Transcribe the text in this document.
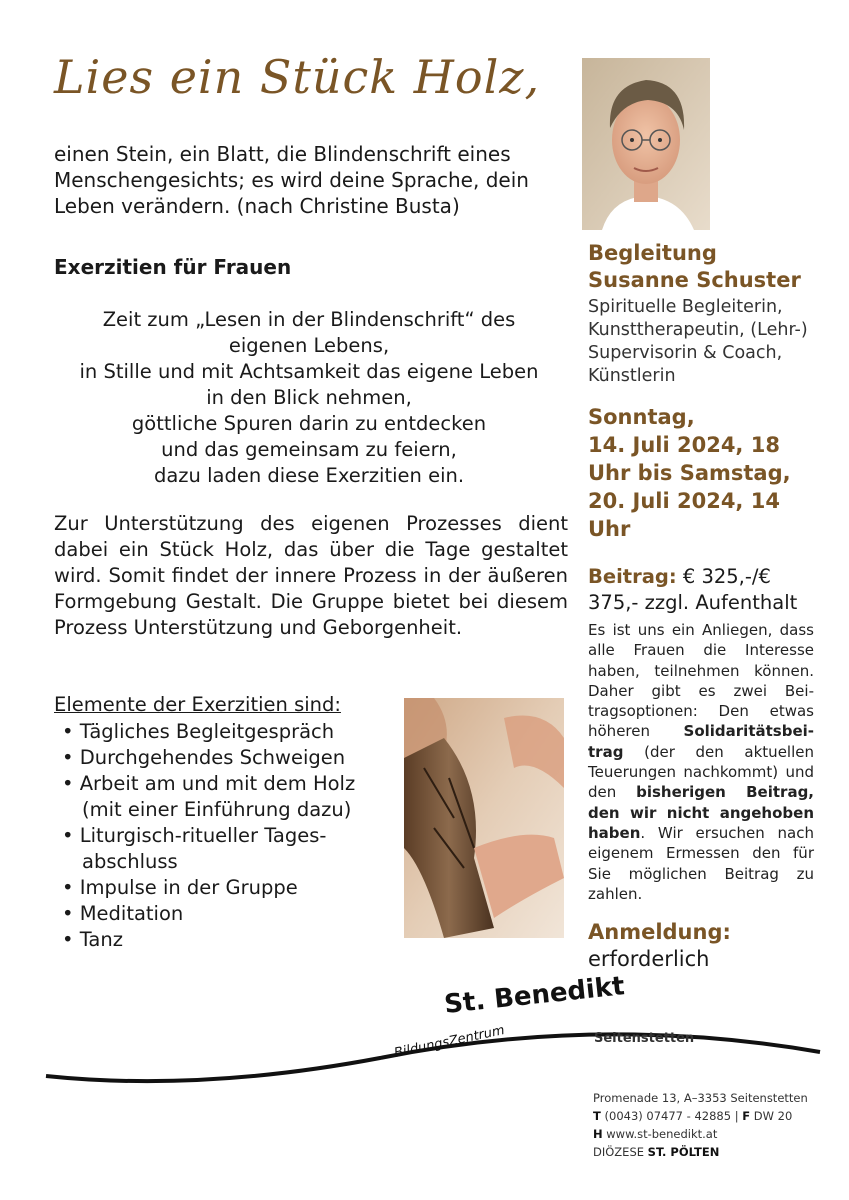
Lies ein Stück Holz,
einen Stein, ein Blatt, die Blindenschrift eines Menschengesichts; es wird deine Sprache, dein Leben verändern. (nach Christine Busta)
Begleitung
Susanne Schuster
Spirituelle Begleiterin, Kunsttherapeutin, (Lehr-) Supervisorin & Coach, Künstlerin
Sonntag,
14. Juli 2024, 18
Uhr bis Samstag,
20. Juli 2024, 14
Uhr
Beitrag: € 325,-/€ 375,- zzgl. Aufenthalt
Es ist uns ein Anliegen, dass alle Frauen die Interesse haben, teilnehmen können. Daher gibt es zwei Beitragsoptionen: Den etwas höheren Solidaritätsbeitrag (der den aktuellen Teuerungen nachkommt) und den bisherigen Beitrag, den wir nicht angehoben haben. Wir ersuchen nach eigenem Ermessen den für Sie möglichen Beitrag zu zahlen.
Anmeldung:
erforderlich
Exerzitien für Frauen
Zeit zum „Lesen in der Blindenschrift“ des
eigenen Lebens,
in Stille und mit Achtsamkeit das eigene Leben
in den Blick nehmen,
göttliche Spuren darin zu entdecken
und das gemeinsam zu feiern,
dazu laden diese Exerzitien ein.
Zur Unterstützung des eigenen Prozesses dient dabei ein Stück Holz, das über die Tage gestaltet wird. Somit findet der innere Prozess in der äußeren Formgebung Gestalt. Die Gruppe bietet bei diesem Prozess Unterstützung und Geborgenheit.
Elemente der Exerzitien sind:
• Tägliches Begleitgespräch
• Durchgehendes Schweigen
• Arbeit am und mit dem Holz
(mit einer Einführung dazu)
• Liturgisch-ritueller Tages-
abschluss
• Impulse in der Gruppe
• Meditation
• Tanz
St. Benedikt
BildungsZentrum	Seitenstetten
Promenade 13, A–3353 Seitenstetten
T (0043) 07477 - 42885 | F DW 20
H www.st-benedikt.at
DIÖZESE ST. PÖLTEN
